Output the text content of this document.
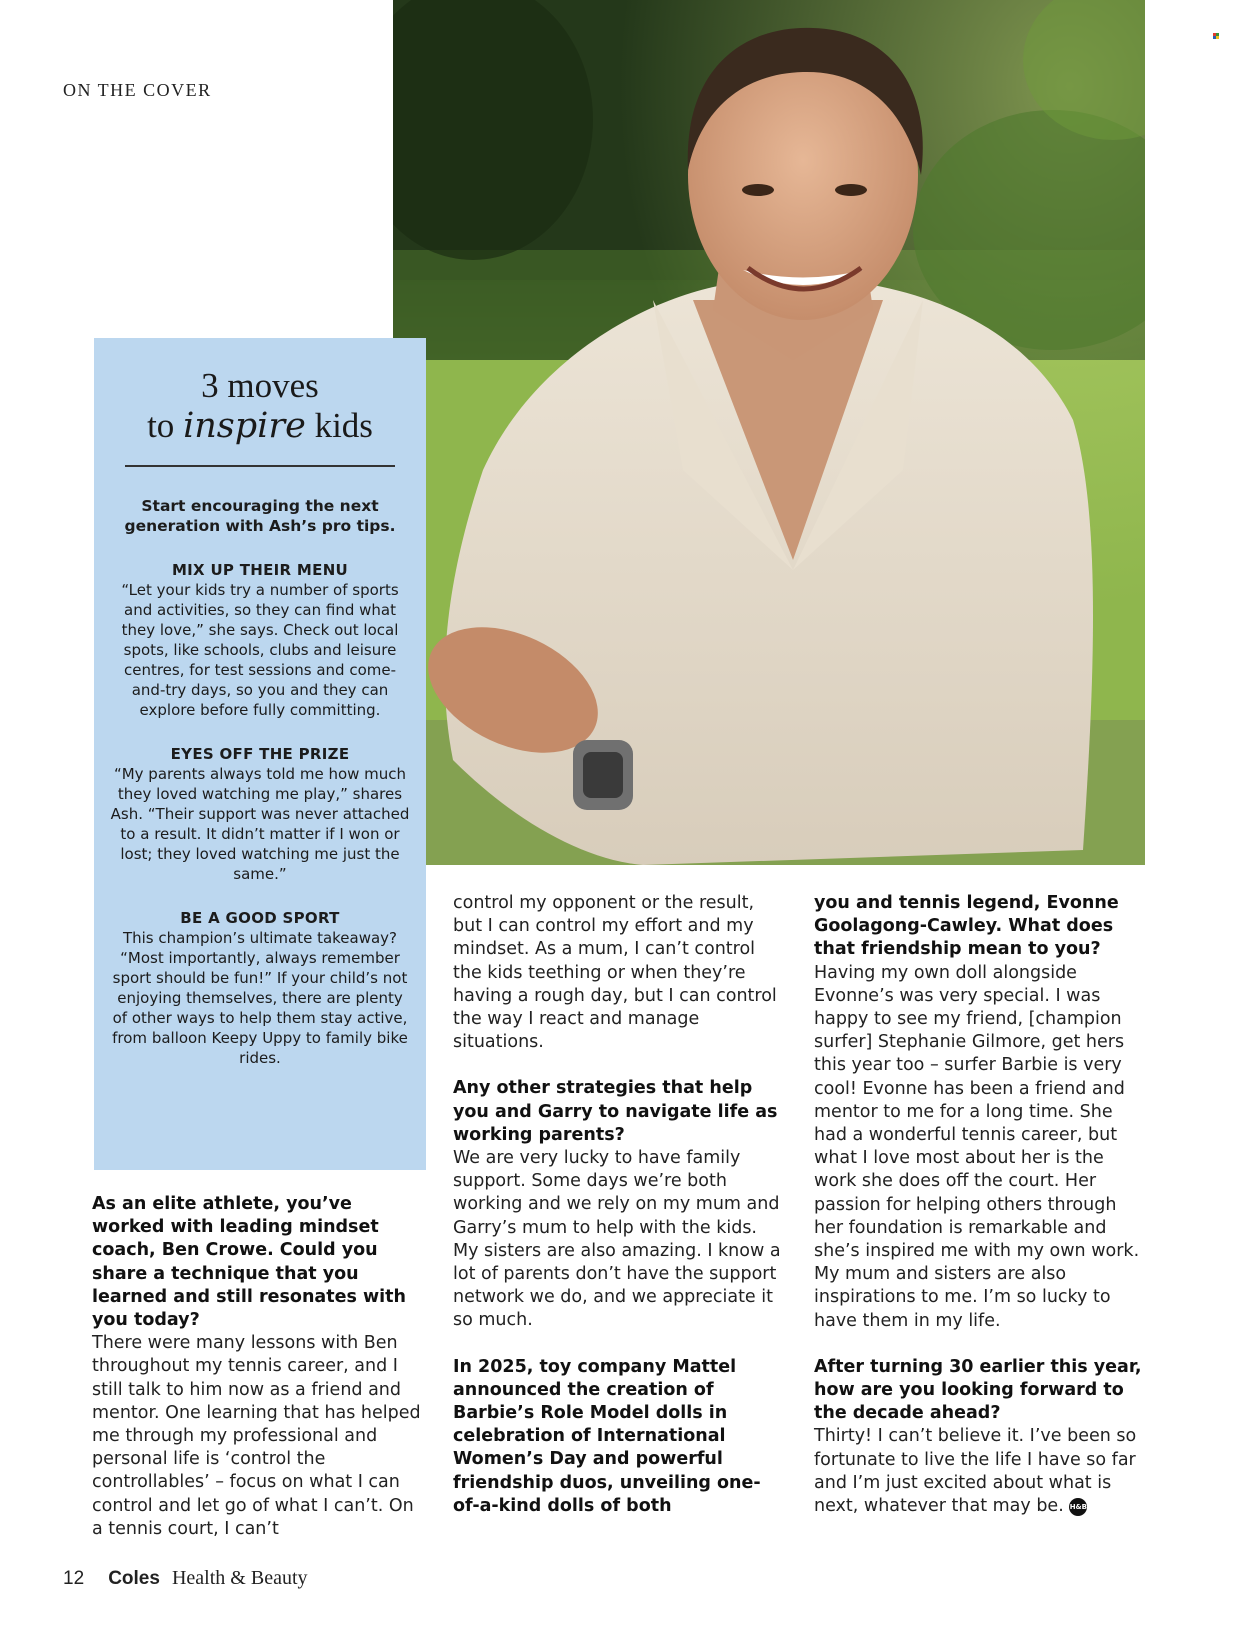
ON THE COVER
3 moves
to inspire kids
Start encouraging the next generation with Ash’s pro tips.
MIX UP THEIR MENU
“Let your kids try a number of sports and activities, so they can find what they love,” she says. Check out local spots, like schools, clubs and leisure centres, for test sessions and come-and-try days, so you and they can explore before fully committing.
EYES OFF THE PRIZE
“My parents always told me how much they loved watching me play,” shares Ash. “Their support was never attached to a result. It didn’t matter if I won or lost; they loved watching me just the same.”
BE A GOOD SPORT
This champion’s ultimate takeaway? “Most importantly, always remember sport should be fun!” If your child’s not enjoying themselves, there are plenty of other ways to help them stay active, from balloon Keepy Uppy to family bike rides.

As an elite athlete, you’ve worked with leading mindset coach, Ben Crowe. Could you share a technique that you learned and still resonates with you today?

There were many lessons with Ben throughout my tennis career, and I still talk to him now as a friend and mentor. One learning that has helped me through my professional and personal life is ‘control the controllables’ – focus on what I can control and let go of what I can’t. On a tennis court, I can’t

control my opponent or the result, but I can control my effort and my mindset. As a mum, I can’t control the kids teething or when they’re having a rough day, but I can control the way I react and manage situations.

Any other strategies that help you and Garry to navigate life as working parents?

We are very lucky to have family support. Some days we’re both working and we rely on my mum and Garry’s mum to help with the kids. My sisters are also amazing. I know a lot of parents don’t have the support network we do, and we appreciate it so much.

In 2025, toy company Mattel announced the creation of Barbie’s Role Model dolls in celebration of International Women’s Day and powerful friendship duos, unveiling one-of-a-kind dolls of both

you and tennis legend, Evonne Goolagong-Cawley. What does that friendship mean to you?

Having my own doll alongside Evonne’s was very special. I was happy to see my friend, [champion surfer] Stephanie Gilmore, get hers this year too – surfer Barbie is very cool! Evonne has been a friend and mentor to me for a long time. She had a wonderful tennis career, but what I love most about her is the work she does off the court. Her passion for helping others through her foundation is remarkable and she’s inspired me with my own work. My mum and sisters are also inspirations to me. I’m so lucky to have them in my life.

After turning 30 earlier this year, how are you looking forward to the decade ahead?

Thirty! I can’t believe it. I’ve been so fortunate to live the life I have so far and I’m just excited about what is next, whatever that may be. H&B

12 Coles Health & Beauty
